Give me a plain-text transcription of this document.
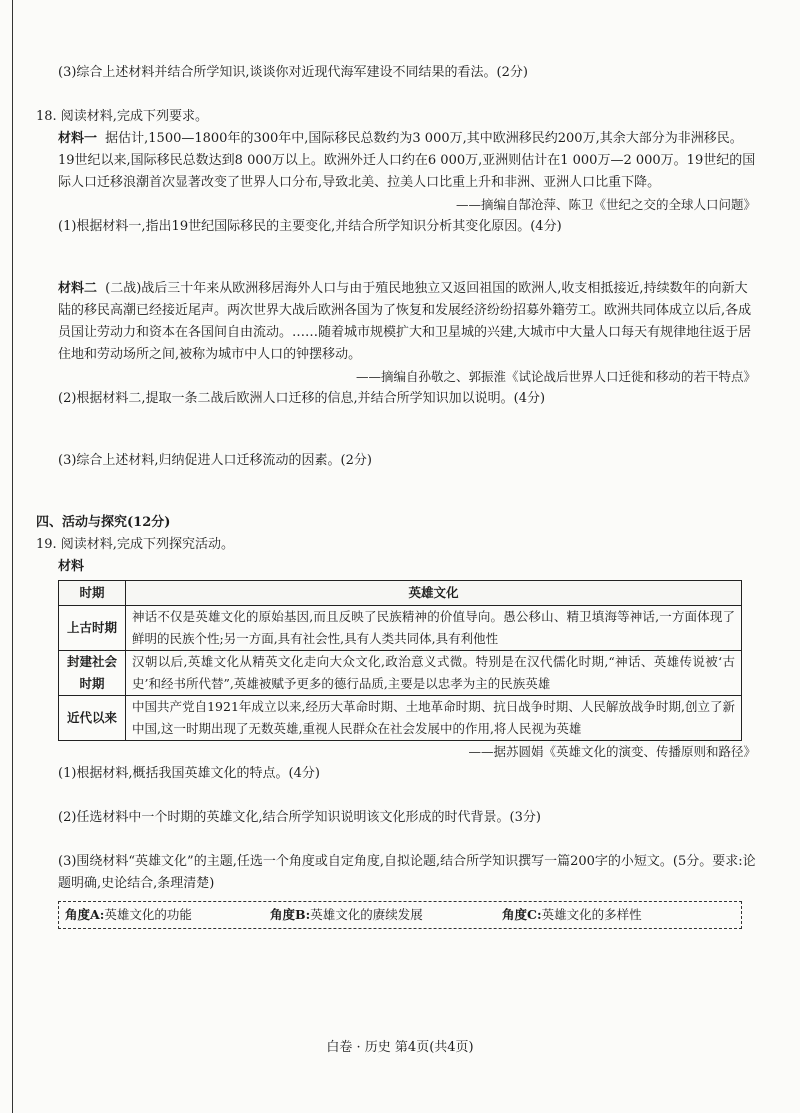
(3)综合上述材料并结合所学知识,谈谈你对近现代海军建设不同结果的看法。(2分)

18. 阅读材料,完成下列要求。

材料一 据估计,1500—1800年的300年中,国际移民总数约为3 000万,其中欧洲移民约200万,其余大部分为非洲移民。19世纪以来,国际移民总数达到8 000万以上。欧洲外迁人口约在6 000万,亚洲则估计在1 000万—2 000万。19世纪的国际人口迁移浪潮首次显著改变了世界人口分布,导致北美、拉美人口比重上升和非洲、亚洲人口比重下降。

——摘编自郜沧萍、陈卫《世纪之交的全球人口问题》

(1)根据材料一,指出19世纪国际移民的主要变化,并结合所学知识分析其变化原因。(4分)

材料二 (二战)战后三十年来从欧洲移居海外人口与由于殖民地独立又返回祖国的欧洲人,收支相抵接近,持续数年的向新大陆的移民高潮已经接近尾声。两次世界大战后欧洲各国为了恢复和发展经济纷纷招募外籍劳工。欧洲共同体成立以后,各成员国让劳动力和资本在各国间自由流动。……随着城市规模扩大和卫星城的兴建,大城市中大量人口每天有规律地往返于居住地和劳动场所之间,被称为城市中人口的钟摆移动。

——摘编自孙敬之、郭振淮《试论战后世界人口迁徙和移动的若干特点》

(2)根据材料二,提取一条二战后欧洲人口迁移的信息,并结合所学知识加以说明。(4分)

(3)综合上述材料,归纳促进人口迁移流动的因素。(2分)

四、活动与探究(12分)

19. 阅读材料,完成下列探究活动。

材料

时期	英雄文化
上古时期	神话不仅是英雄文化的原始基因,而且反映了民族精神的价值导向。愚公移山、精卫填海等神话,一方面体现了鲜明的民族个性;另一方面,具有社会性,具有人类共同体,具有利他性
封建社会时期	汉朝以后,英雄文化从精英文化走向大众文化,政治意义式微。特别是在汉代儒化时期,“神话、英雄传说被‘古史’和经书所代替”,英雄被赋予更多的德行品质,主要是以忠孝为主的民族英雄
近代以来	中国共产党自1921年成立以来,经历大革命时期、土地革命时期、抗日战争时期、人民解放战争时期,创立了新中国,这一时期出现了无数英雄,重视人民群众在社会发展中的作用,将人民视为英雄

——据苏圆娟《英雄文化的演变、传播原则和路径》

(1)根据材料,概括我国英雄文化的特点。(4分)

(2)任选材料中一个时期的英雄文化,结合所学知识说明该文化形成的时代背景。(3分)

(3)围绕材料“英雄文化”的主题,任选一个角度或自定角度,自拟论题,结合所学知识撰写一篇200字的小短文。(5分。要求:论题明确,史论结合,条理清楚)

角度A:英雄文化的功能	角度B:英雄文化的赓续发展	角度C:英雄文化的多样性
白卷 · 历史 第4页(共4页)
